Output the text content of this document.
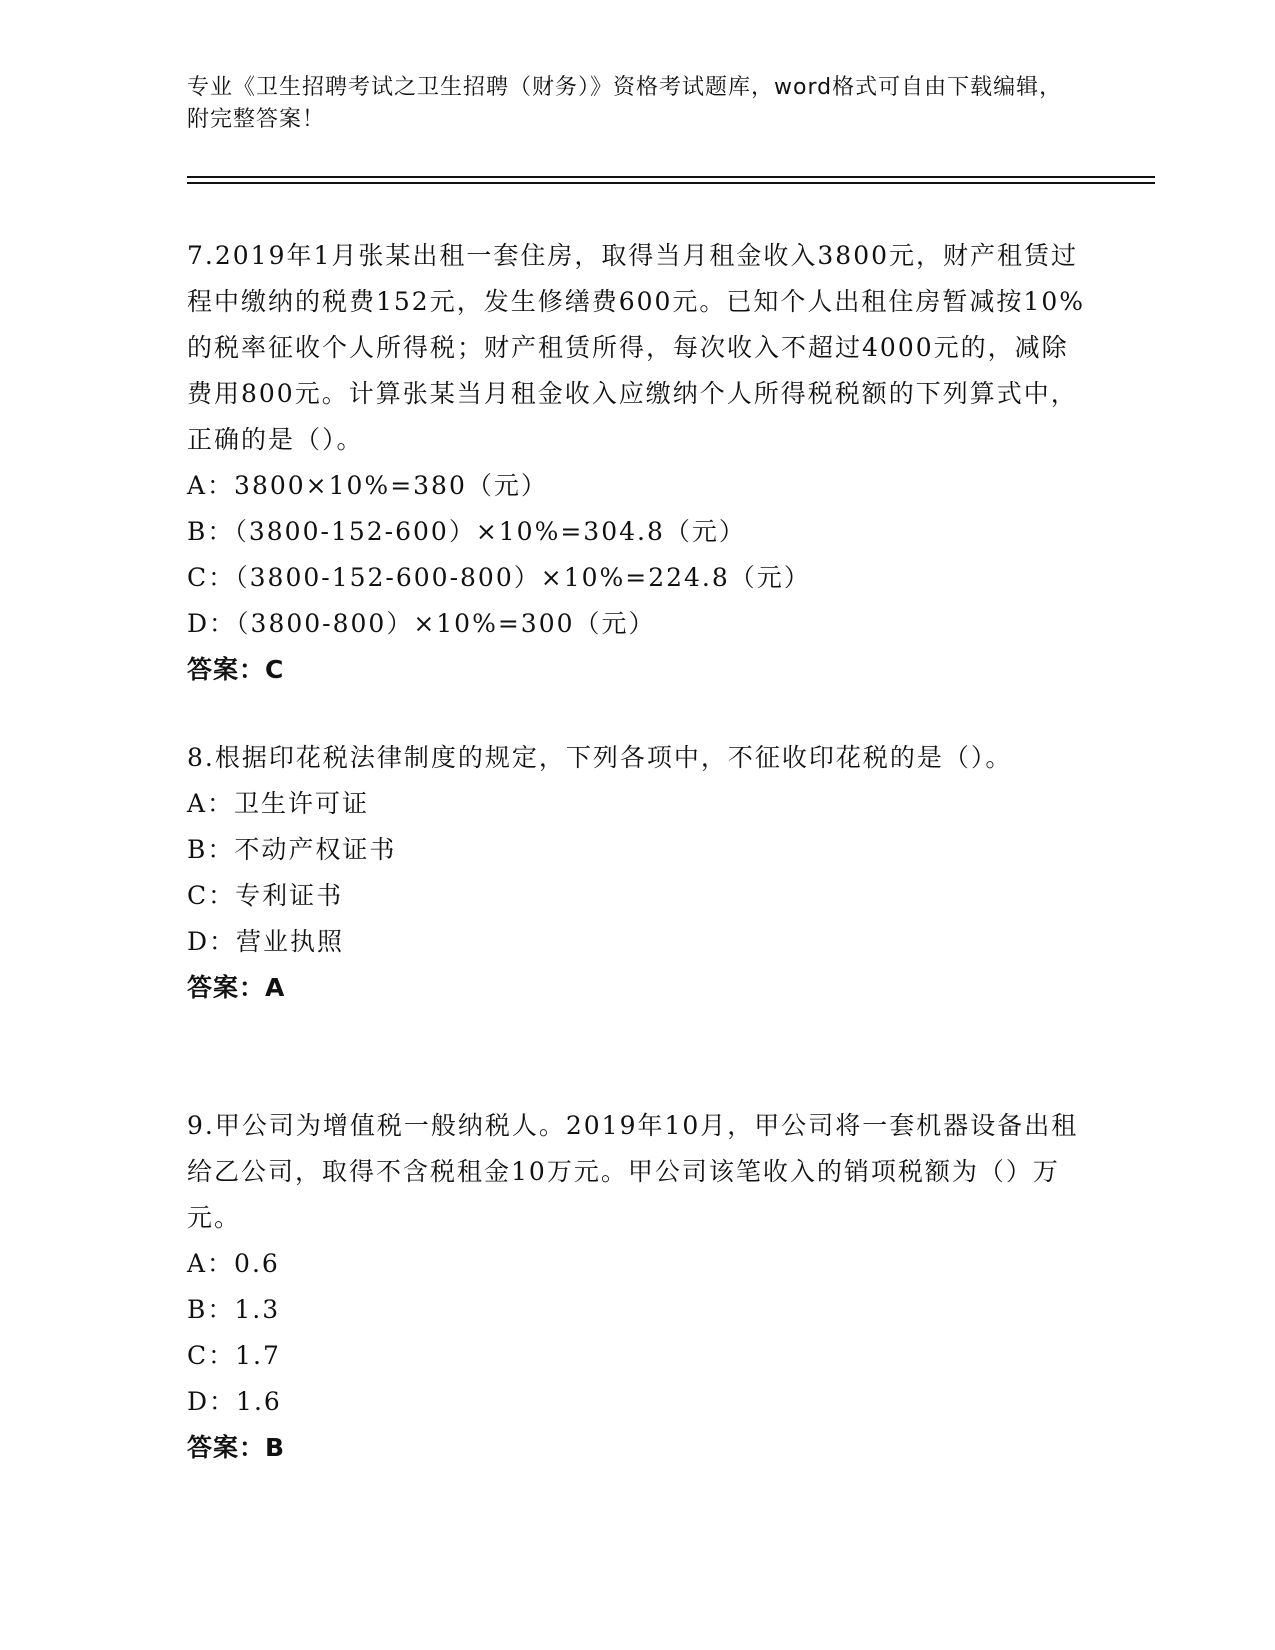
专业《卫生招聘考试之卫生招聘（财务）》资格考试题库，word格式可自由下载编辑，附完整答案！
7.2019年1月张某出租一套住房，取得当月租金收入3800元，财产租赁过程中缴纳的税费152元，发生修缮费600元。已知个人出租住房暂减按10%的税率征收个人所得税；财产租赁所得，每次收入不超过4000元的，减除费用800元。计算张某当月租金收入应缴纳个人所得税税额的下列算式中，正确的是（）。
A：3800×10%=380（元）
B：（3800-152-600）×10%=304.8（元）
C：（3800-152-600-800）×10%=224.8（元）
D：（3800-800）×10%=300（元）
答案：C
8.根据印花税法律制度的规定，下列各项中，不征收印花税的是（）。
A：卫生许可证
B：不动产权证书
C：专利证书
D：营业执照
答案：A
9.甲公司为增值税一般纳税人。2019年10月，甲公司将一套机器设备出租给乙公司，取得不含税租金10万元。甲公司该笔收入的销项税额为（）万元。
A：0.6
B：1.3
C：1.7
D：1.6
答案：B
